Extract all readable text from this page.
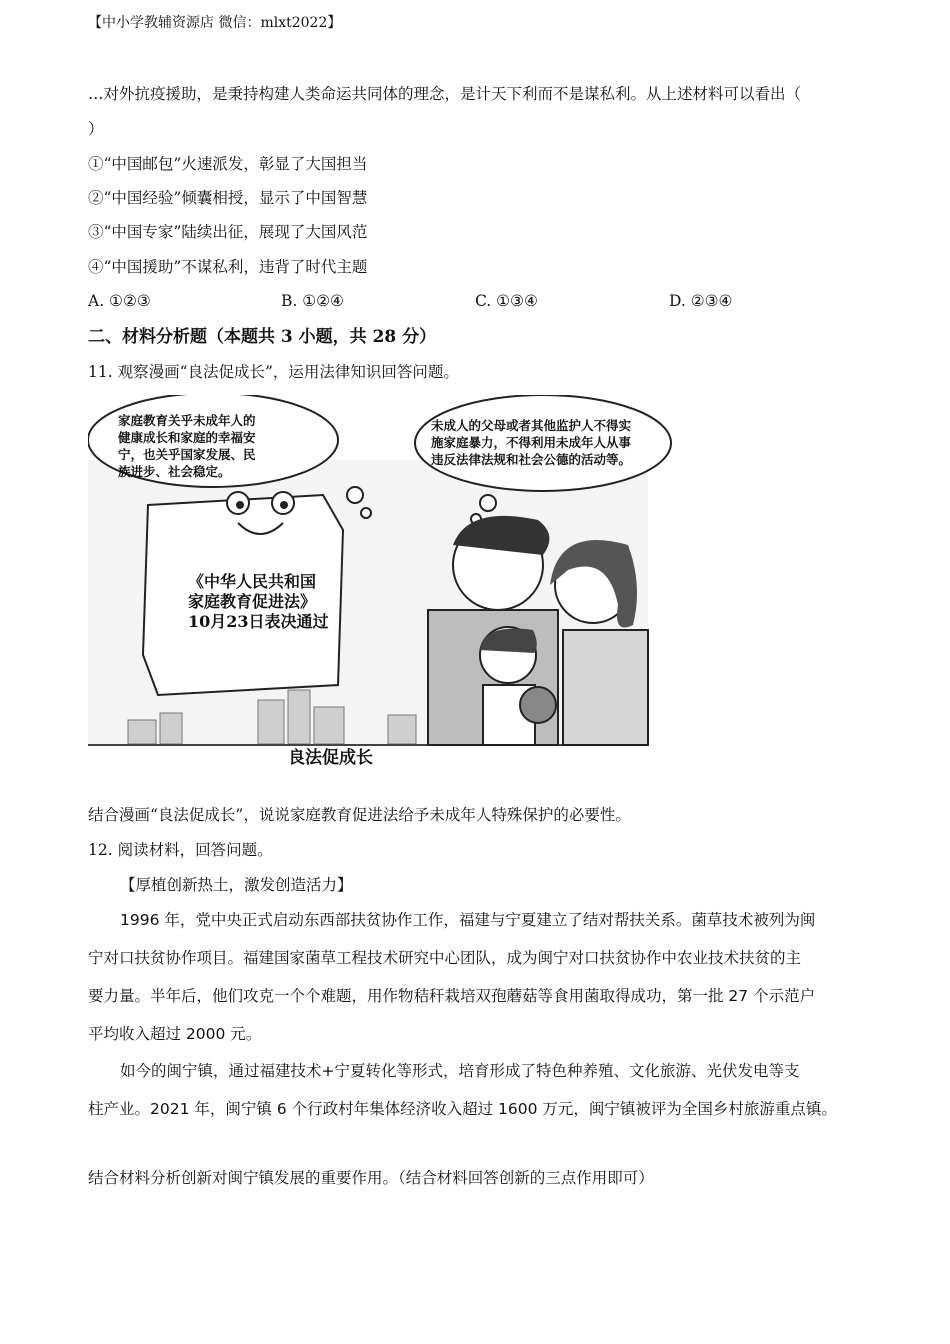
【中小学教辅资源店 微信：mlxt2022】
…对外抗疫援助，是秉持构建人类命运共同体的理念，是计天下利而不是谋私利。从上述材料可以看出（
）
①“中国邮包”火速派发，彰显了大国担当
②“中国经验”倾囊相授，显示了中国智慧
③“中国专家”陆续出征，展现了大国风范
④“中国援助”不谋私利，违背了时代主题
A. ①②③	B. ①②④	C. ①③④	D. ②③④
二、材料分析题（本题共 3 小题，共 28 分）
11. 观察漫画“良法促成长”，运用法律知识回答问题。
家庭教育关乎未成年人的
健康成长和家庭的幸福安
宁，也关乎国家发展、民
族进步、社会稳定。
未成人的父母或者其他监护人不得实
施家庭暴力，不得利用未成年人从事
违反法律法规和社会公德的活动等。
《中华人民共和国
家庭教育促进法》
10月23日表决通过
良法促成长
结合漫画“良法促成长”，说说家庭教育促进法给予未成年人特殊保护的必要性。
12. 阅读材料，回答问题。
【厚植创新热土，激发创造活力】
1996 年，党中央正式启动东西部扶贫协作工作，福建与宁夏建立了结对帮扶关系。菌草技术被列为闽
宁对口扶贫协作项目。福建国家菌草工程技术研究中心团队，成为闽宁对口扶贫协作中农业技术扶贫的主
要力量。半年后，他们攻克一个个难题，用作物秸秆栽培双孢蘑菇等食用菌取得成功，第一批 27 个示范户
平均收入超过 2000 元。
如今的闽宁镇，通过福建技术+宁夏转化等形式，培育形成了特色种养殖、文化旅游、光伏发电等支
柱产业。2021 年，闽宁镇 6 个行政村年集体经济收入超过 1600 万元，闽宁镇被评为全国乡村旅游重点镇。
结合材料分析创新对闽宁镇发展的重要作用。（结合材料回答创新的三点作用即可）
